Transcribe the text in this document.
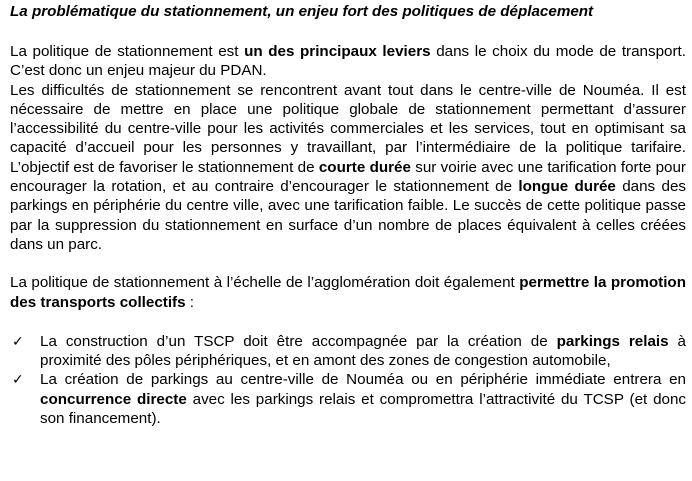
La problématique du stationnement, un enjeu fort des politiques de déplacement

La politique de stationnement est un des principaux leviers dans le choix du mode de transport. C’est donc un enjeu majeur du PDAN.

Les difficultés de stationnement se rencontrent avant tout dans le centre-ville de Nouméa. Il est nécessaire de mettre en place une politique globale de stationnement permettant d’assurer l’accessibilité du centre-ville pour les activités commerciales et les services, tout en optimisant sa capacité d’accueil pour les personnes y travaillant, par l’intermédiaire de la politique tarifaire. L’objectif est de favoriser le stationnement de courte durée sur voirie avec une tarification forte pour encourager la rotation, et au contraire d’encourager le stationnement de longue durée dans des parkings en périphérie du centre ville, avec une tarification faible. Le succès de cette politique passe par la suppression du stationnement en surface d’un nombre de places équivalent à celles créées dans un parc.

La politique de stationnement à l’échelle de l’agglomération doit également permettre la promotion des transports collectifs :

✓ La construction d’un TSCP doit être accompagnée par la création de parkings relais à proximité des pôles périphériques, et en amont des zones de congestion automobile,
✓ La création de parkings au centre-ville de Nouméa ou en périphérie immédiate entrera en concurrence directe avec les parkings relais et compromettra l’attractivité du TCSP (et donc son financement).
